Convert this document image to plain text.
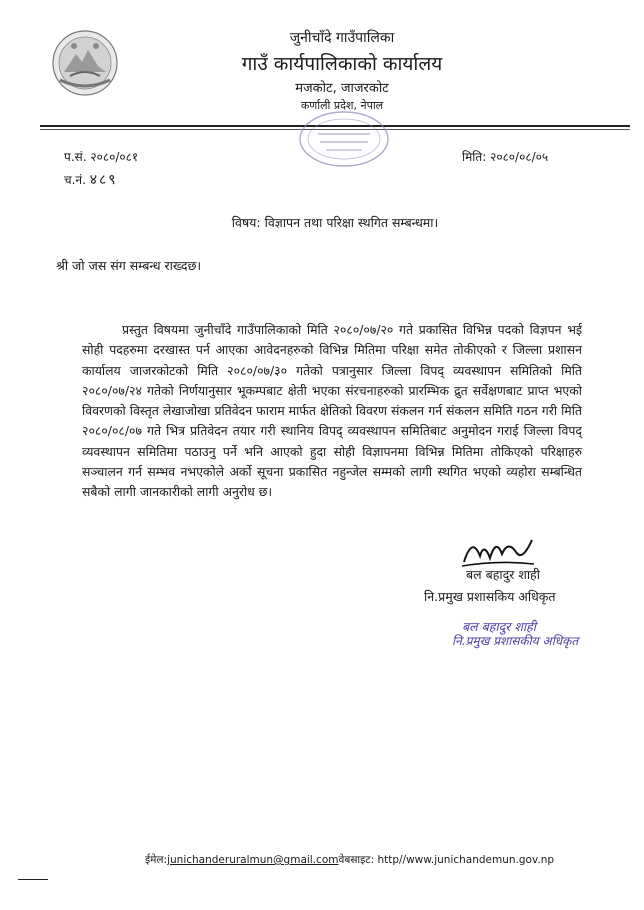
जुनीचाँदे गाउँपालिका
गाउँ कार्यपालिकाको कार्यालय
मजकोट, जाजरकोट
कर्णाली प्रदेश, नेपाल
प.सं. २०८०/०८१
च.नं. ४८९
मिति: २०८०/०८/०५
विषय: विज्ञापन तथा परिक्षा स्थगित सम्बन्धमा।
श्री जो जस संग सम्बन्ध राख्दछ।
प्रस्तुत विषयमा जुनीचाँदे गाउँपालिकाको मिति २०८०/०७/२० गते प्रकासित विभिन्न पदको विज्ञपन भई सोही पदहरुमा दरखास्त पर्न आएका आवेदनहरुको विभिन्न मितिमा परिक्षा समेत तोकीएको र जिल्ला प्रशासन कार्यालय जाजरकोटको मिति २०८०/०७/३० गतेको पत्रानुसार जिल्ला विपद् व्यवस्थापन समितिको मिति २०८०/०७/२४ गतेको निर्णयानुसार भूकम्पबाट क्षेती भएका संरचनाहरुको प्रारम्भिक द्रुत सर्वेक्षणबाट प्राप्त भएको विवरणको विस्तृत लेखाजोखा प्रतिवेदन फाराम मार्फत क्षेतिको विवरण संकलन गर्न संकलन समिति गठन गरी मिति २०८०/०८/०७ गते भित्र प्रतिवेदन तयार गरी स्थानिय विपद् व्यवस्थापन समितिबाट अनुमोदन गराई जिल्ला विपद् व्यवस्थापन समितिमा पठाउनु पर्ने भनि आएको हुदा सोही विज्ञापनमा विभिन्न मितिमा तोकिएको परिक्षाहरु सञ्चालन गर्न सम्भव नभएकोले अर्को सूचना प्रकासित नहुन्जेल सम्मको लागी स्थगित भएको व्यहोरा सम्बन्धित सबैको लागी जानकारीको लागी अनुरोध छ।
बल बहादुर शाही
नि.प्रमुख प्रशासकिय अधिकृत
बल बहादुर शाही
नि.प्रमुख प्रशासकीय अधिकृत
ईमेल:junichanderuralmun@gmail.comवेबसाइट: http//www.junichandemun.gov.np
